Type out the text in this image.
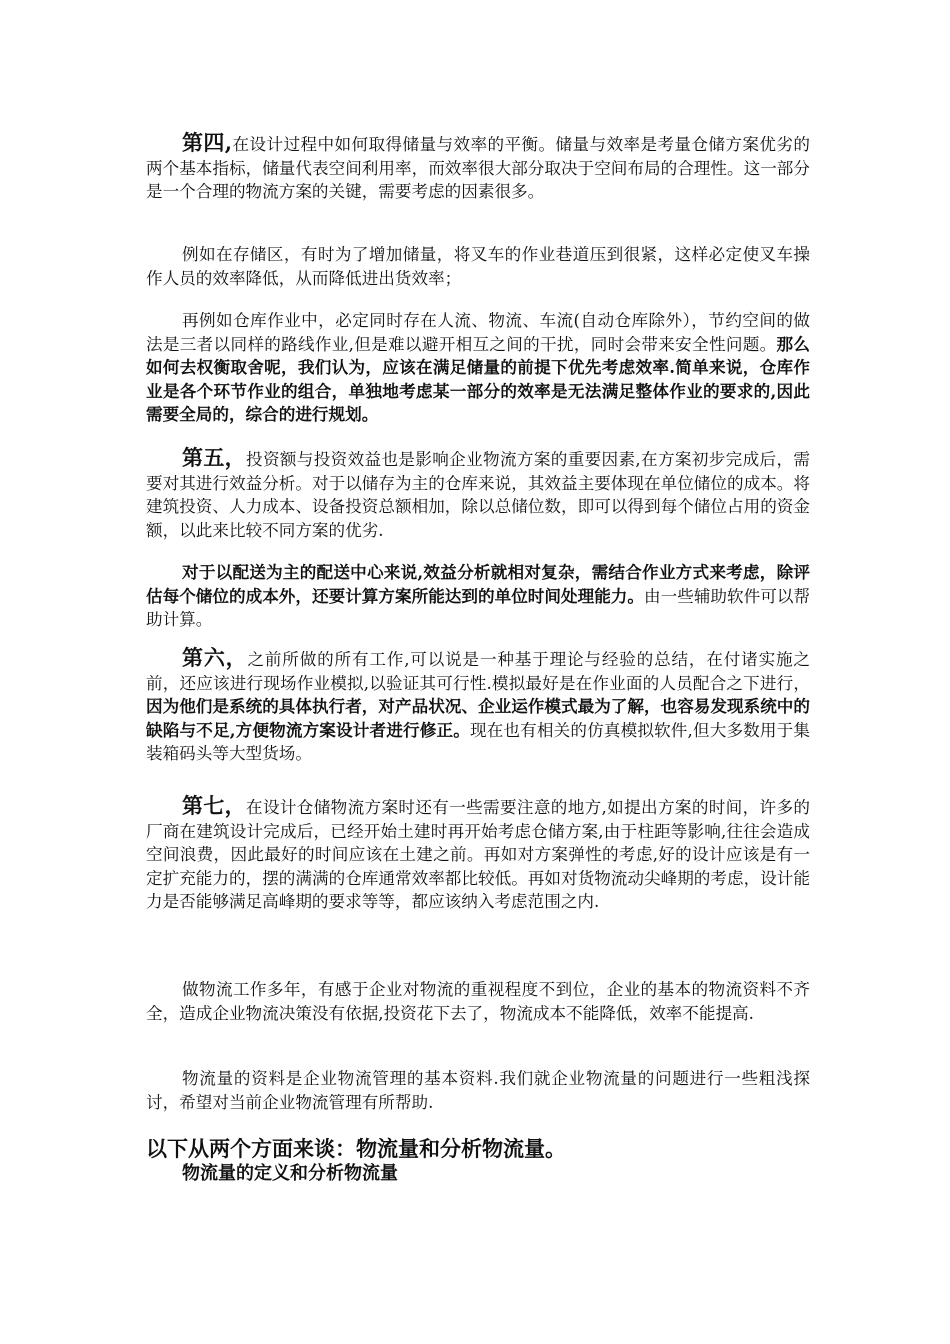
第四,在设计过程中如何取得储量与效率的平衡。储量与效率是考量仓储方案优劣的两个基本指标，储量代表空间利用率，而效率很大部分取决于空间布局的合理性。这一部分是一个合理的物流方案的关键，需要考虑的因素很多。

例如在存储区，有时为了增加储量，将叉车的作业巷道压到很紧，这样必定使叉车操作人员的效率降低，从而降低进出货效率；

再例如仓库作业中，必定同时存在人流、物流、车流(自动仓库除外），节约空间的做法是三者以同样的路线作业,但是难以避开相互之间的干扰，同时会带来安全性问题。那么如何去权衡取舍呢，我们认为，应该在满足储量的前提下优先考虑效率.简单来说，仓库作业是各个环节作业的组合，单独地考虑某一部分的效率是无法满足整体作业的要求的,因此需要全局的，综合的进行规划。

第五，投资额与投资效益也是影响企业物流方案的重要因素,在方案初步完成后，需要对其进行效益分析。对于以储存为主的仓库来说，其效益主要体现在单位储位的成本。将建筑投资、人力成本、设备投资总额相加，除以总储位数，即可以得到每个储位占用的资金额，以此来比较不同方案的优劣.

对于以配送为主的配送中心来说,效益分析就相对复杂，需结合作业方式来考虑，除评估每个储位的成本外，还要计算方案所能达到的单位时间处理能力。由一些辅助软件可以帮助计算。

第六，之前所做的所有工作,可以说是一种基于理论与经验的总结，在付诸实施之前，还应该进行现场作业模拟,以验证其可行性.模拟最好是在作业面的人员配合之下进行，因为他们是系统的具体执行者，对产品状况、企业运作模式最为了解，也容易发现系统中的缺陷与不足,方便物流方案设计者进行修正。现在也有相关的仿真模拟软件,但大多数用于集装箱码头等大型货场。

第七，在设计仓储物流方案时还有一些需要注意的地方,如提出方案的时间，许多的厂商在建筑设计完成后，已经开始土建时再开始考虑仓储方案,由于柱距等影响,往往会造成空间浪费，因此最好的时间应该在土建之前。再如对方案弹性的考虑,好的设计应该是有一定扩充能力的，摆的满满的仓库通常效率都比较低。再如对货物流动尖峰期的考虑，设计能力是否能够满足高峰期的要求等等，都应该纳入考虑范围之内.

做物流工作多年，有感于企业对物流的重视程度不到位，企业的基本的物流资料不齐全，造成企业物流决策没有依据,投资花下去了，物流成本不能降低，效率不能提高.

物流量的资料是企业物流管理的基本资料.我们就企业物流量的问题进行一些粗浅探讨，希望对当前企业物流管理有所帮助.

以下从两个方面来谈：物流量和分析物流量。

物流量的定义和分析物流量
